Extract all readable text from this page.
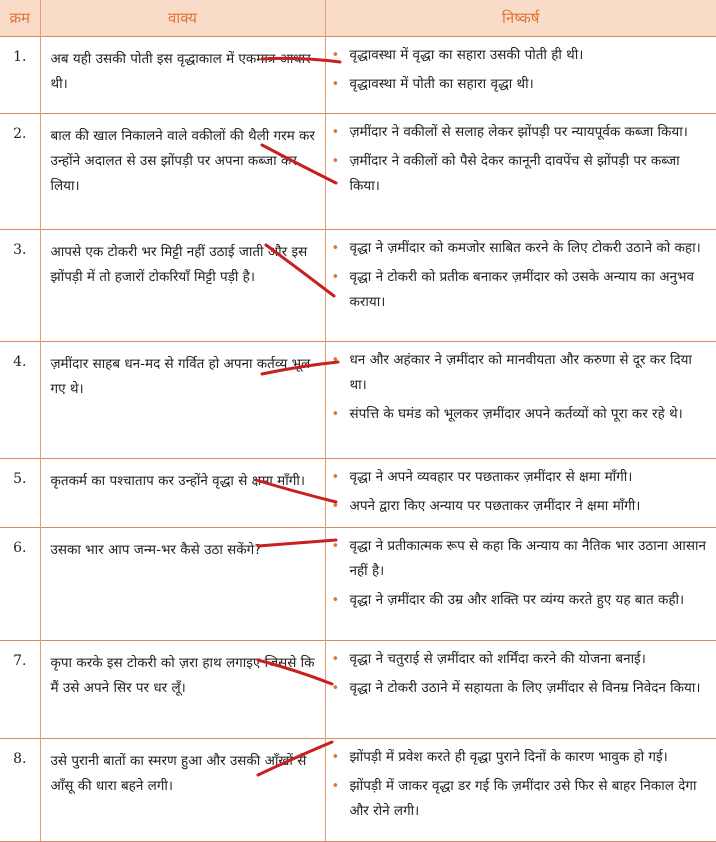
क्रम	वाक्य	निष्कर्ष
1.	अब यही उसकी पोती इस वृद्धाकाल में एकमात्र आधार थी।	• वृद्धावस्था में वृद्धा का सहारा उसकी पोती ही थी।
• वृद्धावस्था में पोती का सहारा वृद्धा थी।

2.	बाल की खाल निकालने वाले वकीलों की थैली गरम कर उन्होंने अदालत से उस झोंपड़ी पर अपना कब्जा कर लिया।	• ज़मींदार ने वकीलों से सलाह लेकर झोंपड़ी पर न्यायपूर्वक कब्जा किया।
• ज़मींदार ने वकीलों को पैसे देकर कानूनी दावपेंच से झोंपड़ी पर कब्जा किया।

3.	आपसे एक टोकरी भर मिट्टी नहीं उठाई जाती और इस झोंपड़ी में तो हजारों टोकरियाँ मिट्टी पड़ी है।	• वृद्धा ने ज़मींदार को कमजोर साबित करने के लिए टोकरी उठाने को कहा।
• वृद्धा ने टोकरी को प्रतीक बनाकर ज़मींदार को उसके अन्याय का अनुभव कराया।

4.	ज़मींदार साहब धन-मद से गर्वित हो अपना कर्तव्य भूल गए थे।	• धन और अहंकार ने ज़मींदार को मानवीयता और करुणा से दूर कर दिया था।
• संपत्ति के घमंड को भूलकर ज़मींदार अपने कर्तव्यों को पूरा कर रहे थे।

5.	कृतकर्म का पश्चाताप कर उन्होंने वृद्धा से क्षमा माँगी।	• वृद्धा ने अपने व्यवहार पर पछताकर ज़मींदार से क्षमा माँगी।
• अपने द्वारा किए अन्याय पर पछताकर ज़मींदार ने क्षमा माँगी।

6.	उसका भार आप जन्म-भर कैसे उठा सकेंगे?	• वृद्धा ने प्रतीकात्मक रूप से कहा कि अन्याय का नैतिक भार उठाना आसान नहीं है।
• वृद्धा ने ज़मींदार की उम्र और शक्ति पर व्यंग्य करते हुए यह बात कही।

7.	कृपा करके इस टोकरी को ज़रा हाथ लगाइए जिससे कि मैं उसे अपने सिर पर धर लूँ।	• वृद्धा ने चतुराई से ज़मींदार को शर्मिंदा करने की योजना बनाई।
• वृद्धा ने टोकरी उठाने में सहायता के लिए ज़मींदार से विनम्र निवेदन किया।

8.	उसे पुरानी बातों का स्मरण हुआ और उसकी आँखों से आँसू की धारा बहने लगी।	• झोंपड़ी में प्रवेश करते ही वृद्धा पुराने दिनों के कारण भावुक हो गई।
• झोंपड़ी में जाकर वृद्धा डर गई कि ज़मींदार उसे फिर से बाहर निकाल देगा और रोने लगी।
